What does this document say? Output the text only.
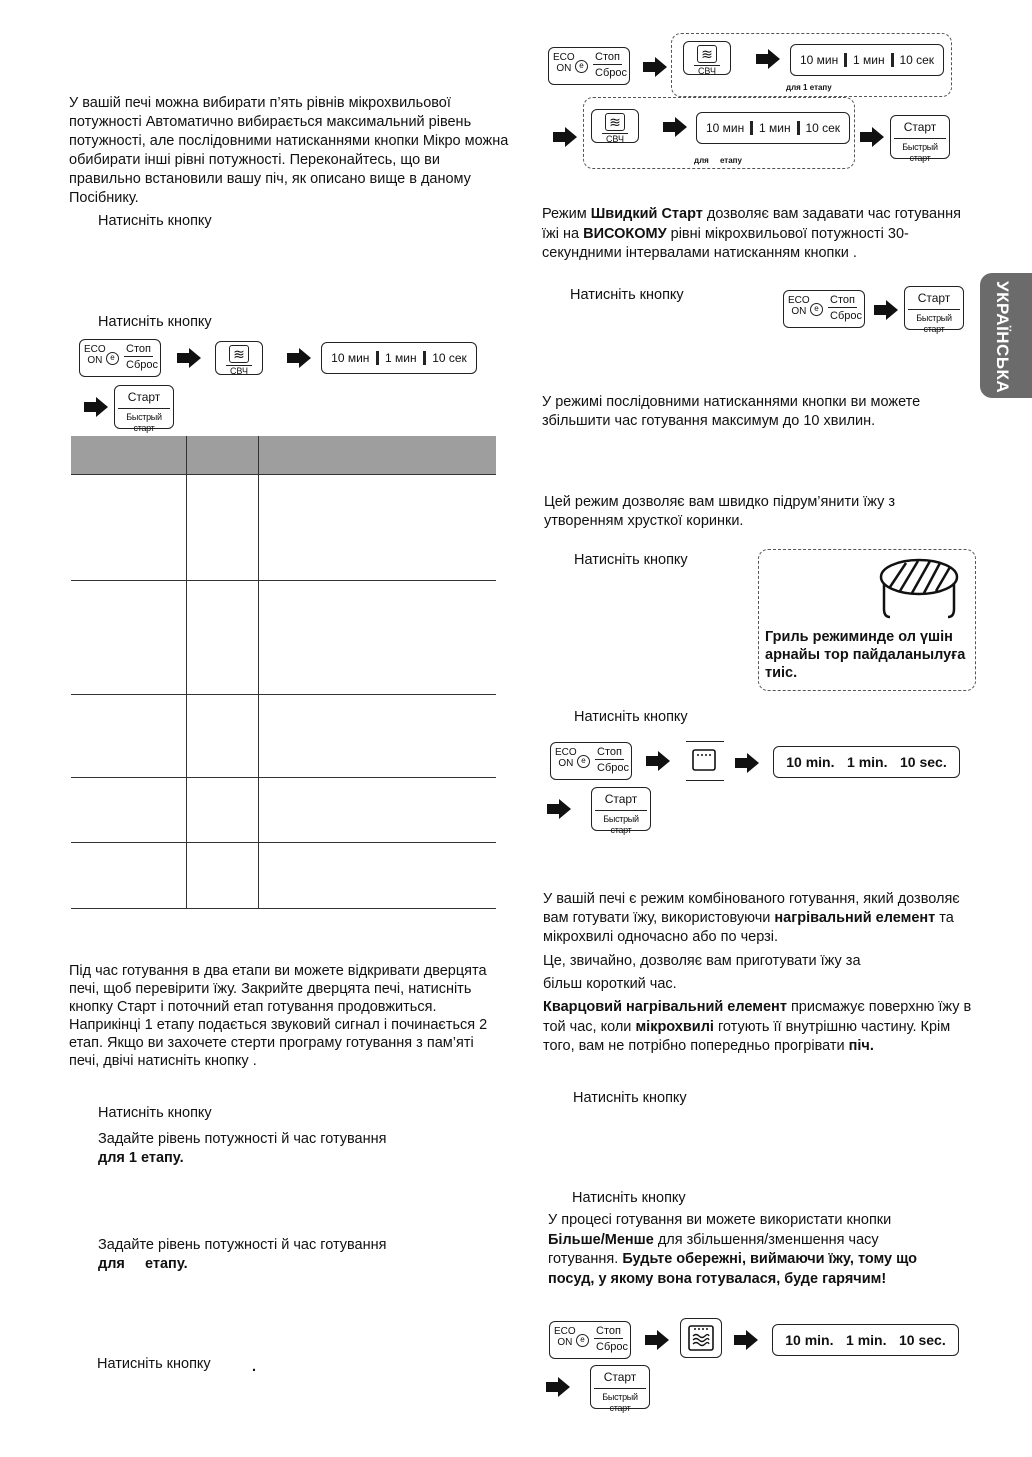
УКРАЇНСЬКА
У вашій печі можна вибирати п’ять рівнів мікрохвильової потужності Автоматично вибирається максимальний рівень потужності, але послідовними натисканнями кнопки Мікро можна обибирати інші рівні потужності. Переконайтесь, що ви правильно встановили вашу піч, як описано вище в даному Посібнику.
Натисніть кнопку
Натисніть кнопку
ECO
ON e
Стоп
Сброс
≋
СВЧ
10 мин 1 мин 10 сек
Старт
Быстрый старт
Під час готування в два етапи ви можете відкривати дверцята печі, щоб перевірити їжу. Закрийте дверцята печі, натисніть кнопку Старт і поточний етап готування продовжиться. Наприкінці 1 етапу подається звуковий сигнал і починається 2 етап. Якщо ви захочете стерти програму готування з пам’яті печі, двічі натисніть кнопку .
Натисніть кнопку
Задайте рівень потужності й час готування
для 1 етапу.
Задайте рівень потужності й час готування
для     етапу.
Натисніть кнопку	.
ECO
ON e
Стоп
Сброс
≋
СВЧ
10 мин 1 мин 10 сек
для 1 етапу
≋
СВЧ
10 мин 1 мин 10 сек
для     етапу
Старт
Быстрый старт
Режим Швидкий Старт дозволяє вам задавати час готування їжі на ВИСОКОМУ рівні мікрохвильової потужності 30- секундними інтервалами натисканням кнопки .
Натисніть кнопку	ECO
ON e
Стоп
Сброс
Старт
Быстрый старт
У режимі послідовними натисканнями кнопки ви можете збільшити час готування максимум до 10 хвилин.
Цей режим дозволяє вам швидко підрум’янити їжу з утворенням хрусткої коринки.
Натисніть кнопку
Гриль режиминде ол үшін арнайы тор пайдаланылуға тиіс.
Натисніть кнопку
ECO
ON e
Стоп
Сброс	10 min. 1 min. 10 sec.
Старт
Быстрый старт
У вашій печі є режим комбінованого готування, який дозволяє вам готувати їжу, використовуючи нагрівальний елемент та мікрохвилі одночасно або по черзі.
Це, звичайно, дозволяє вам приготувати їжу за більш короткий час.
Кварцовий нагрівальний елемент присмажує поверхню їжу в той час, коли мікрохвилі готують її внутрішню частину. Крім того, вам не потрібно попередньо прогрівати піч.
Натисніть кнопку
Натисніть кнопку
У процесі готування ви можете використати кнопки Більше/Менше для збільшення/зменшення часу готування. Будьте обережні, виймаючи їжу, тому що посуд, у якому вона готувалася, буде гарячим!
ECO
ON e
Стоп
Сброс	10 min. 1 min. 10 sec.
Старт
Быстрый старт
